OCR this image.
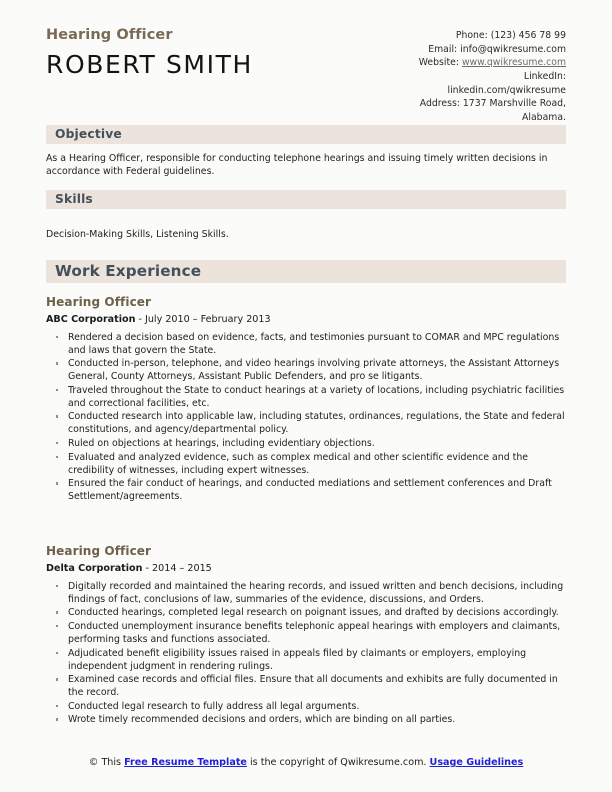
Hearing Officer
ROBERT SMITH
Phone: (123) 456 78 99
Email: info@qwikresume.com
Website: www.qwikresume.com
LinkedIn:
linkedin.com/qwikresume
Address: 1737 Marshville Road,
Alabama.
Objective
As a Hearing Officer, responsible for conducting telephone hearings and issuing timely written decisions in accordance with Federal guidelines.
Skills
Decision-Making Skills, Listening Skills.
Work Experience
Hearing Officer
ABC Corporation - July 2010 – February 2013
Rendered a decision based on evidence, facts, and testimonies pursuant to COMAR and MPC regulations and laws that govern the State.
Conducted in-person, telephone, and video hearings involving private attorneys, the Assistant Attorneys General, County Attorneys, Assistant Public Defenders, and pro se litigants.
Traveled throughout the State to conduct hearings at a variety of locations, including psychiatric facilities and correctional facilities, etc.
Conducted research into applicable law, including statutes, ordinances, regulations, the State and federal constitutions, and agency/departmental policy.
Ruled on objections at hearings, including evidentiary objections.
Evaluated and analyzed evidence, such as complex medical and other scientific evidence and the credibility of witnesses, including expert witnesses.
Ensured the fair conduct of hearings, and conducted mediations and settlement conferences and Draft Settlement/agreements.
Hearing Officer
Delta Corporation - 2014 – 2015
Digitally recorded and maintained the hearing records, and issued written and bench decisions, including findings of fact, conclusions of law, summaries of the evidence, discussions, and Orders.
Conducted hearings, completed legal research on poignant issues, and drafted by decisions accordingly.
Conducted unemployment insurance benefits telephonic appeal hearings with employers and claimants, performing tasks and functions associated.
Adjudicated benefit eligibility issues raised in appeals filed by claimants or employers, employing independent judgment in rendering rulings.
Examined case records and official files. Ensure that all documents and exhibits are fully documented in the record.
Conducted legal research to fully address all legal arguments.
Wrote timely recommended decisions and orders, which are binding on all parties.
© This Free Resume Template is the copyright of Qwikresume.com. Usage Guidelines
